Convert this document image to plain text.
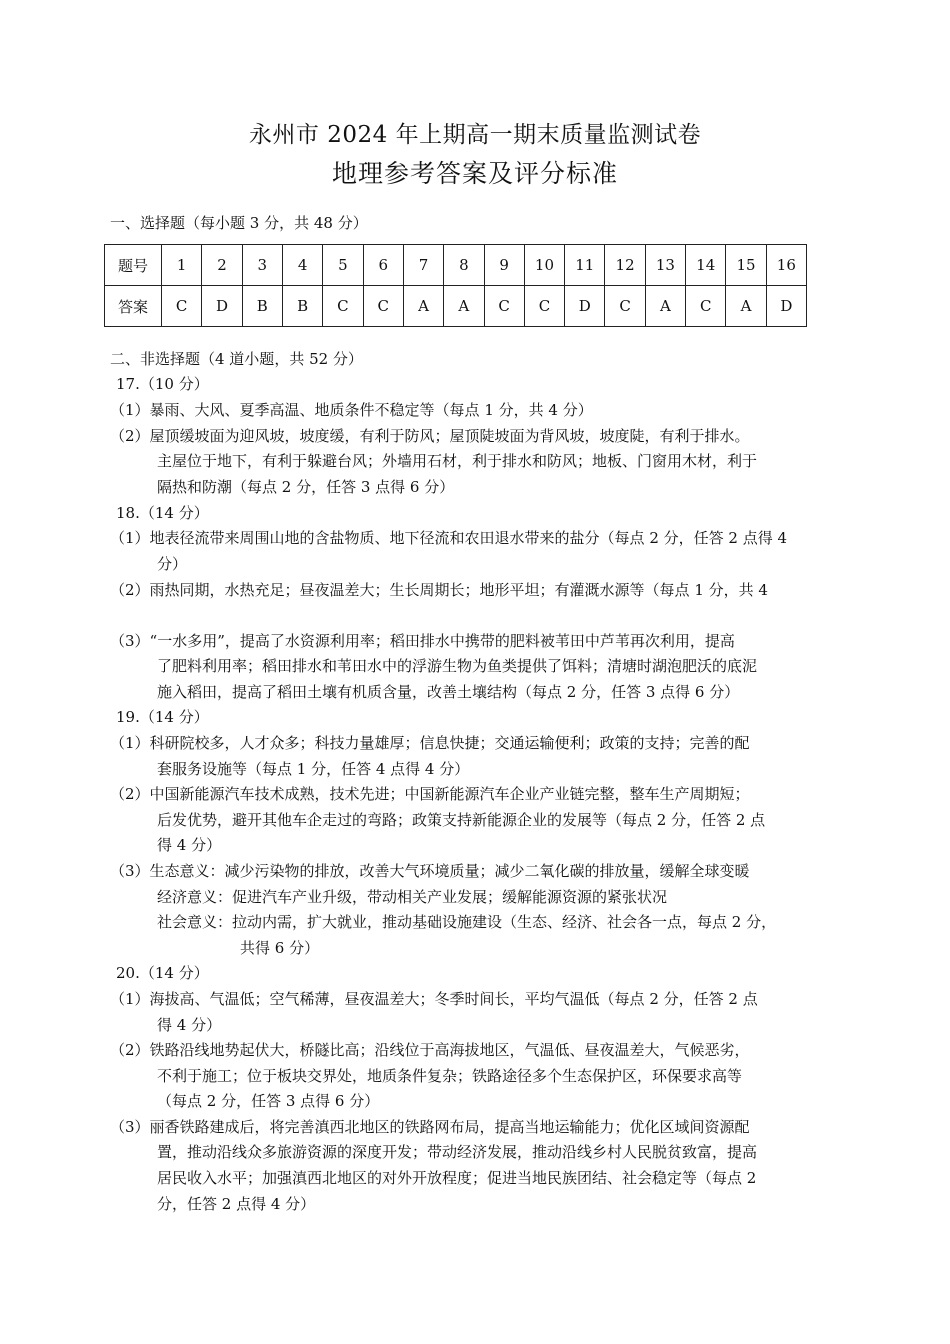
永州市 2024 年上期高一期末质量监测试卷
地理参考答案及评分标准
一、选择题（每小题 3 分，共 48 分）
题号	1	2	3	4	5	6	7	8	9	10	11	12	13	14	15	16
答案	C	D	B	B	C	C	A	A	C	C	D	C	A	C	A	D
二、非选择题（4 道小题，共 52 分）
17.（10 分）
（1）暴雨、大风、夏季高温、地质条件不稳定等（每点 1 分，共 4 分）
（2）屋顶缓坡面为迎风坡，坡度缓，有利于防风；屋顶陡坡面为背风坡，坡度陡，有利于排水。
主屋位于地下，有利于躲避台风；外墙用石材，利于排水和防风；地板、门窗用木材，利于
隔热和防潮（每点 2 分，任答 3 点得 6 分）
18.（14 分）
（1）地表径流带来周围山地的含盐物质、地下径流和农田退水带来的盐分（每点 2 分，任答 2 点得 4
分）
（2）雨热同期，水热充足；昼夜温差大；生长周期长；地形平坦；有灌溉水源等（每点 1 分，共 4
（3）“一水多用”，提高了水资源利用率；稻田排水中携带的肥料被苇田中芦苇再次利用，提高
了肥料利用率；稻田排水和苇田水中的浮游生物为鱼类提供了饵料；清塘时湖泡肥沃的底泥
施入稻田，提高了稻田土壤有机质含量，改善土壤结构（每点 2 分，任答 3 点得 6 分）
19.（14 分）
（1）科研院校多，人才众多；科技力量雄厚；信息快捷；交通运输便利；政策的支持；完善的配
套服务设施等（每点 1 分，任答 4 点得 4 分）
（2）中国新能源汽车技术成熟，技术先进；中国新能源汽车企业产业链完整，整车生产周期短；
后发优势，避开其他车企走过的弯路；政策支持新能源企业的发展等（每点 2 分，任答 2 点
得 4 分）
（3）生态意义：减少污染物的排放，改善大气环境质量；减少二氧化碳的排放量，缓解全球变暖
经济意义：促进汽车产业升级，带动相关产业发展；缓解能源资源的紧张状况
社会意义：拉动内需，扩大就业，推动基础设施建设（生态、经济、社会各一点，每点 2 分，
共得 6 分）
20.（14 分）
（1）海拔高、气温低；空气稀薄，昼夜温差大；冬季时间长，平均气温低（每点 2 分，任答 2 点
得 4 分）
（2）铁路沿线地势起伏大，桥隧比高；沿线位于高海拔地区，气温低、昼夜温差大，气候恶劣，
不利于施工；位于板块交界处，地质条件复杂；铁路途径多个生态保护区，环保要求高等
（每点 2 分，任答 3 点得 6 分）
（3）丽香铁路建成后，将完善滇西北地区的铁路网布局，提高当地运输能力；优化区域间资源配
置，推动沿线众多旅游资源的深度开发；带动经济发展，推动沿线乡村人民脱贫致富，提高
居民收入水平；加强滇西北地区的对外开放程度；促进当地民族团结、社会稳定等（每点 2
分，任答 2 点得 4 分）
